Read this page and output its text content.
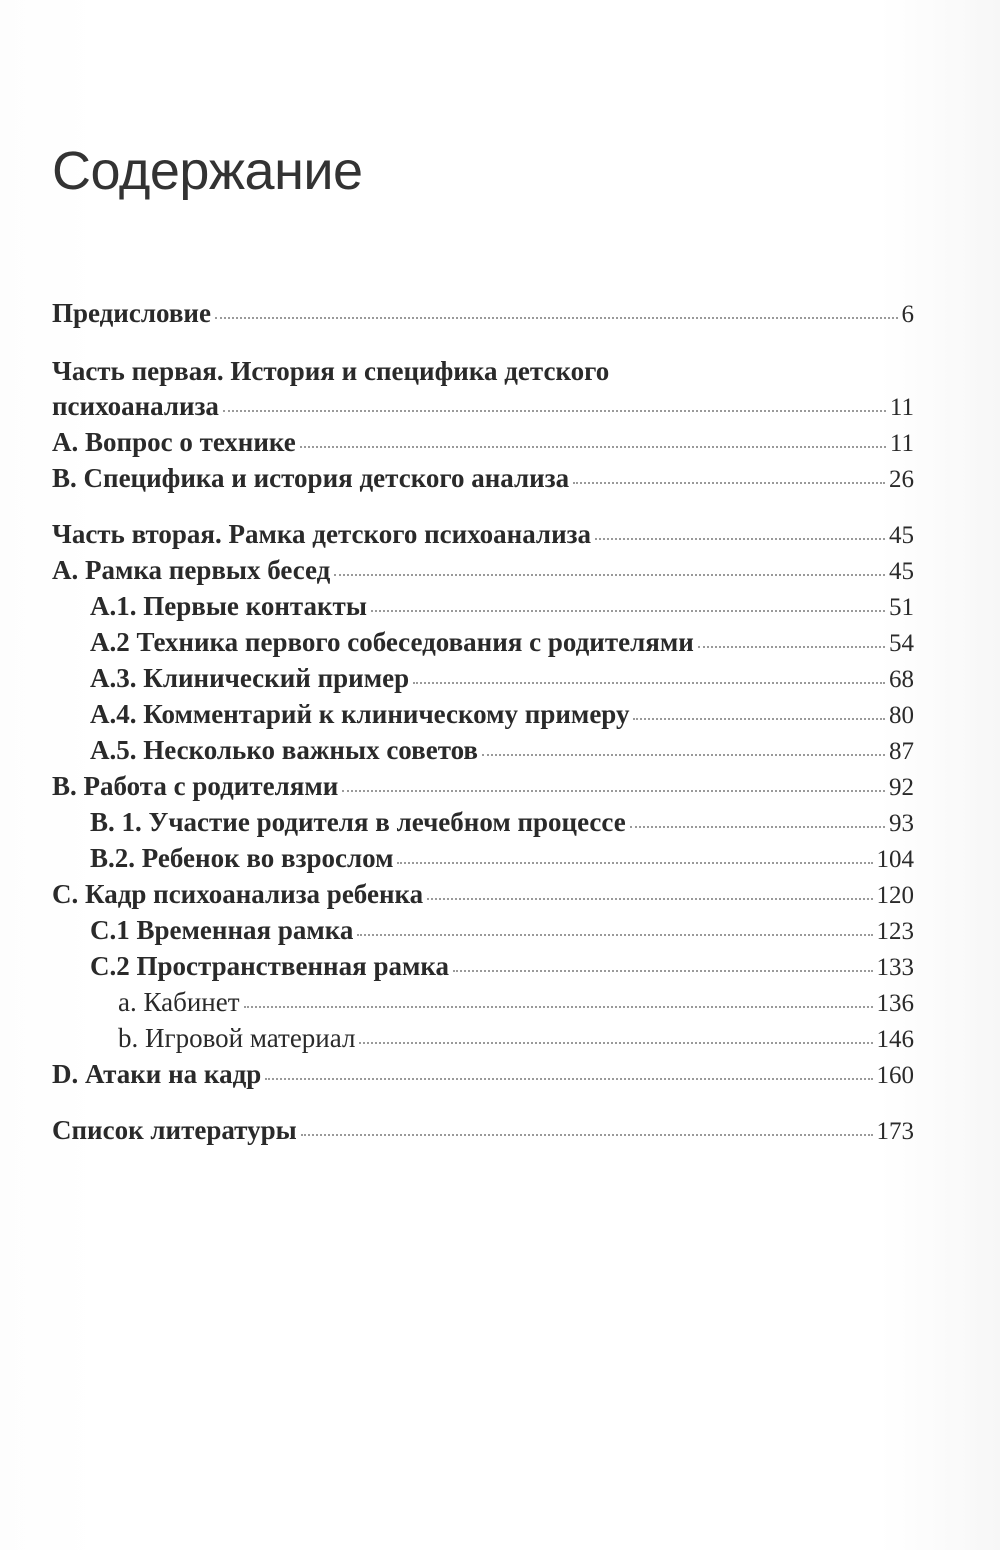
Содержание
Предисловие	6
Часть первая. История и специфика детского
психоанализа	11
А. Вопрос о технике	11
В. Специфика и история детского анализа	26
Часть вторая. Рамка детского психоанализа	45
А. Рамка первых бесед	45
А.1. Первые контакты	51
А.2 Техника первого собеседования с родителями	54
А.3. Клинический пример	68
А.4. Комментарий к клиническому примеру	80
А.5. Несколько важных советов	87
В. Работа с родителями	92
В. 1. Участие родителя в лечебном процессе	93
В.2. Ребенок во взрослом	104
С. Кадр психоанализа ребенка	120
С.1 Временная рамка	123
С.2 Пространственная рамка	133
a. Кабинет	136
b. Игровой материал	146
D. Атаки на кадр	160
Список литературы	173
